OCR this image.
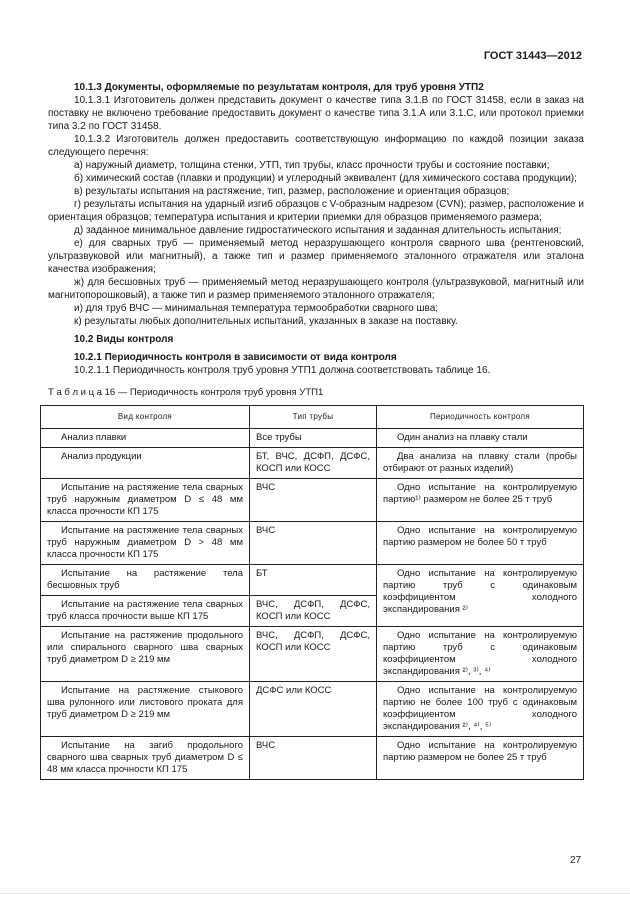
ГОСТ 31443—2012

10.1.3 Документы, оформляемые по результатам контроля, для труб уровня УТП2

10.1.3.1 Изготовитель должен представить документ о качестве типа 3.1.В по ГОСТ 31458, если в заказ на поставку не включено требование предоставить документ о качестве типа 3.1.А или 3.1.С, или протокол приемки типа 3.2 по ГОСТ 31458.

10.1.3.2 Изготовитель должен предоставить соответствующую информацию по каждой позиции заказа следующего перечня:

а) наружный диаметр, толщина стенки, УТП, тип трубы, класс прочности трубы и состояние поставки;

б) химический состав (плавки и продукции) и углеродный эквивалент (для химического состава продукции);

в) результаты испытания на растяжение, тип, размер, расположение и ориентация образцов;

г) результаты испытания на ударный изгиб образцов с V-образным надрезом (CVN); размер, расположение и ориентация образцов; температура испытания и критерии приемки для образцов применяемого размера;

д) заданное минимальное давление гидростатического испытания и заданная длительность испытания;

е) для сварных труб — применяемый метод неразрушающего контроля сварного шва (рентгеновский, ультразвуковой или магнитный), а также тип и размер применяемого эталонного отражателя или эталона качества изображения;

ж) для бесшовных труб — применяемый метод неразрушающего контроля (ультразвуковой, магнитный или магнитопорошковый), а также тип и размер применяемого эталонного отражателя;

и) для труб ВЧС — минимальная температура термообработки сварного шва;

к) результаты любых дополнительных испытаний, указанных в заказе на поставку.

10.2 Виды контроля

10.2.1 Периодичность контроля в зависимости от вида контроля

10.2.1.1 Периодичность контроля труб уровня УТП1 должна соответствовать таблице 16.

Т а б л и ц а 16 — Периодичность контроля труб уровня УТП1
Вид контроля	Тип трубы	Периодичность контроля
Анализ плавки	Все трубы	Один анализ на плавку стали
Анализ продукции	БТ, ВЧС, ДСФП, ДСФС, КОСП или КОСС	Два анализа на плавку стали (пробы отбирают от разных изделий)
Испытание на растяжение тела сварных труб наружным диаметром D ≤ 48 мм класса прочности КП 175	ВЧС	Одно испытание на контролируемую партию¹⁾ размером не более 25 т труб
Испытание на растяжение тела сварных труб наружным диаметром D > 48 мм класса прочности КП 175	ВЧС	Одно испытание на контролируемую партию размером не более 50 т труб
Испытание на растяжение тела бесшовных труб	БТ	Одно испытание на контролируемую партию труб с одинаковым коэффициентом холодного экспандирования ²⁾
Испытание на растяжение тела сварных труб класса прочности выше КП 175	ВЧС, ДСФП, ДСФС, КОСП или КОСС	
Испытание на растяжение продольного или спирального сварного шва сварных труб диаметром D ≥ 219 мм	ВЧС, ДСФП, ДСФС, КОСП или КОСС	Одно испытание на контролируемую партию труб с одинаковым коэффициентом холодного экспандирования ²⁾, ³⁾, ⁴⁾
Испытание на растяжение стыкового шва рулонного или листового проката для труб диаметром D ≥ 219 мм	ДСФС или КОСС	Одно испытание на контролируемую партию не более 100 труб с одинаковым коэффициентом холодного экспандирования ²⁾, ⁴⁾, ⁵⁾
Испытание на загиб продольного сварного шва сварных труб диаметром D ≤ 48 мм класса прочности КП 175	ВЧС	Одно испытание на контролируемую партию размером не более 25 т труб
27
